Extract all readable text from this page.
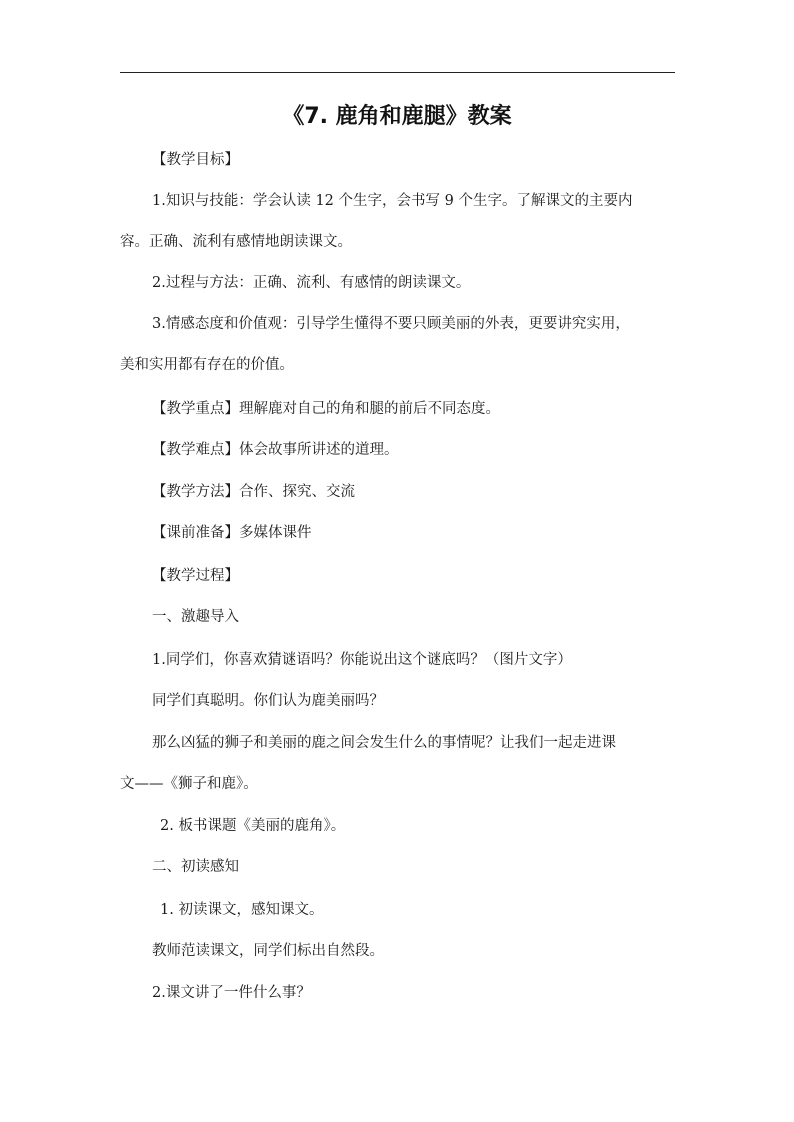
《7. 鹿角和鹿腿》教案

【教学目标】

1.知识与技能：学会认读 12 个生字，会书写 9 个生字。了解课文的主要内

容。正确、流利有感情地朗读课文。

2.过程与方法：正确、流利、有感情的朗读课文。

3.情感态度和价值观：引导学生懂得不要只顾美丽的外表，更要讲究实用，

美和实用都有存在的价值。

【教学重点】理解鹿对自己的角和腿的前后不同态度。

【教学难点】体会故事所讲述的道理。

【教学方法】合作、探究、交流

【课前准备】多媒体课件

【教学过程】

一、激趣导入

1.同学们，你喜欢猜谜语吗？你能说出这个谜底吗？（图片文字）

同学们真聪明。你们认为鹿美丽吗？

那么凶猛的狮子和美丽的鹿之间会发生什么的事情呢？让我们一起走进课

文——《狮子和鹿》。

2. 板书课题《美丽的鹿角》。

二、初读感知

1. 初读课文，感知课文。

教师范读课文，同学们标出自然段。

2.课文讲了一件什么事？
